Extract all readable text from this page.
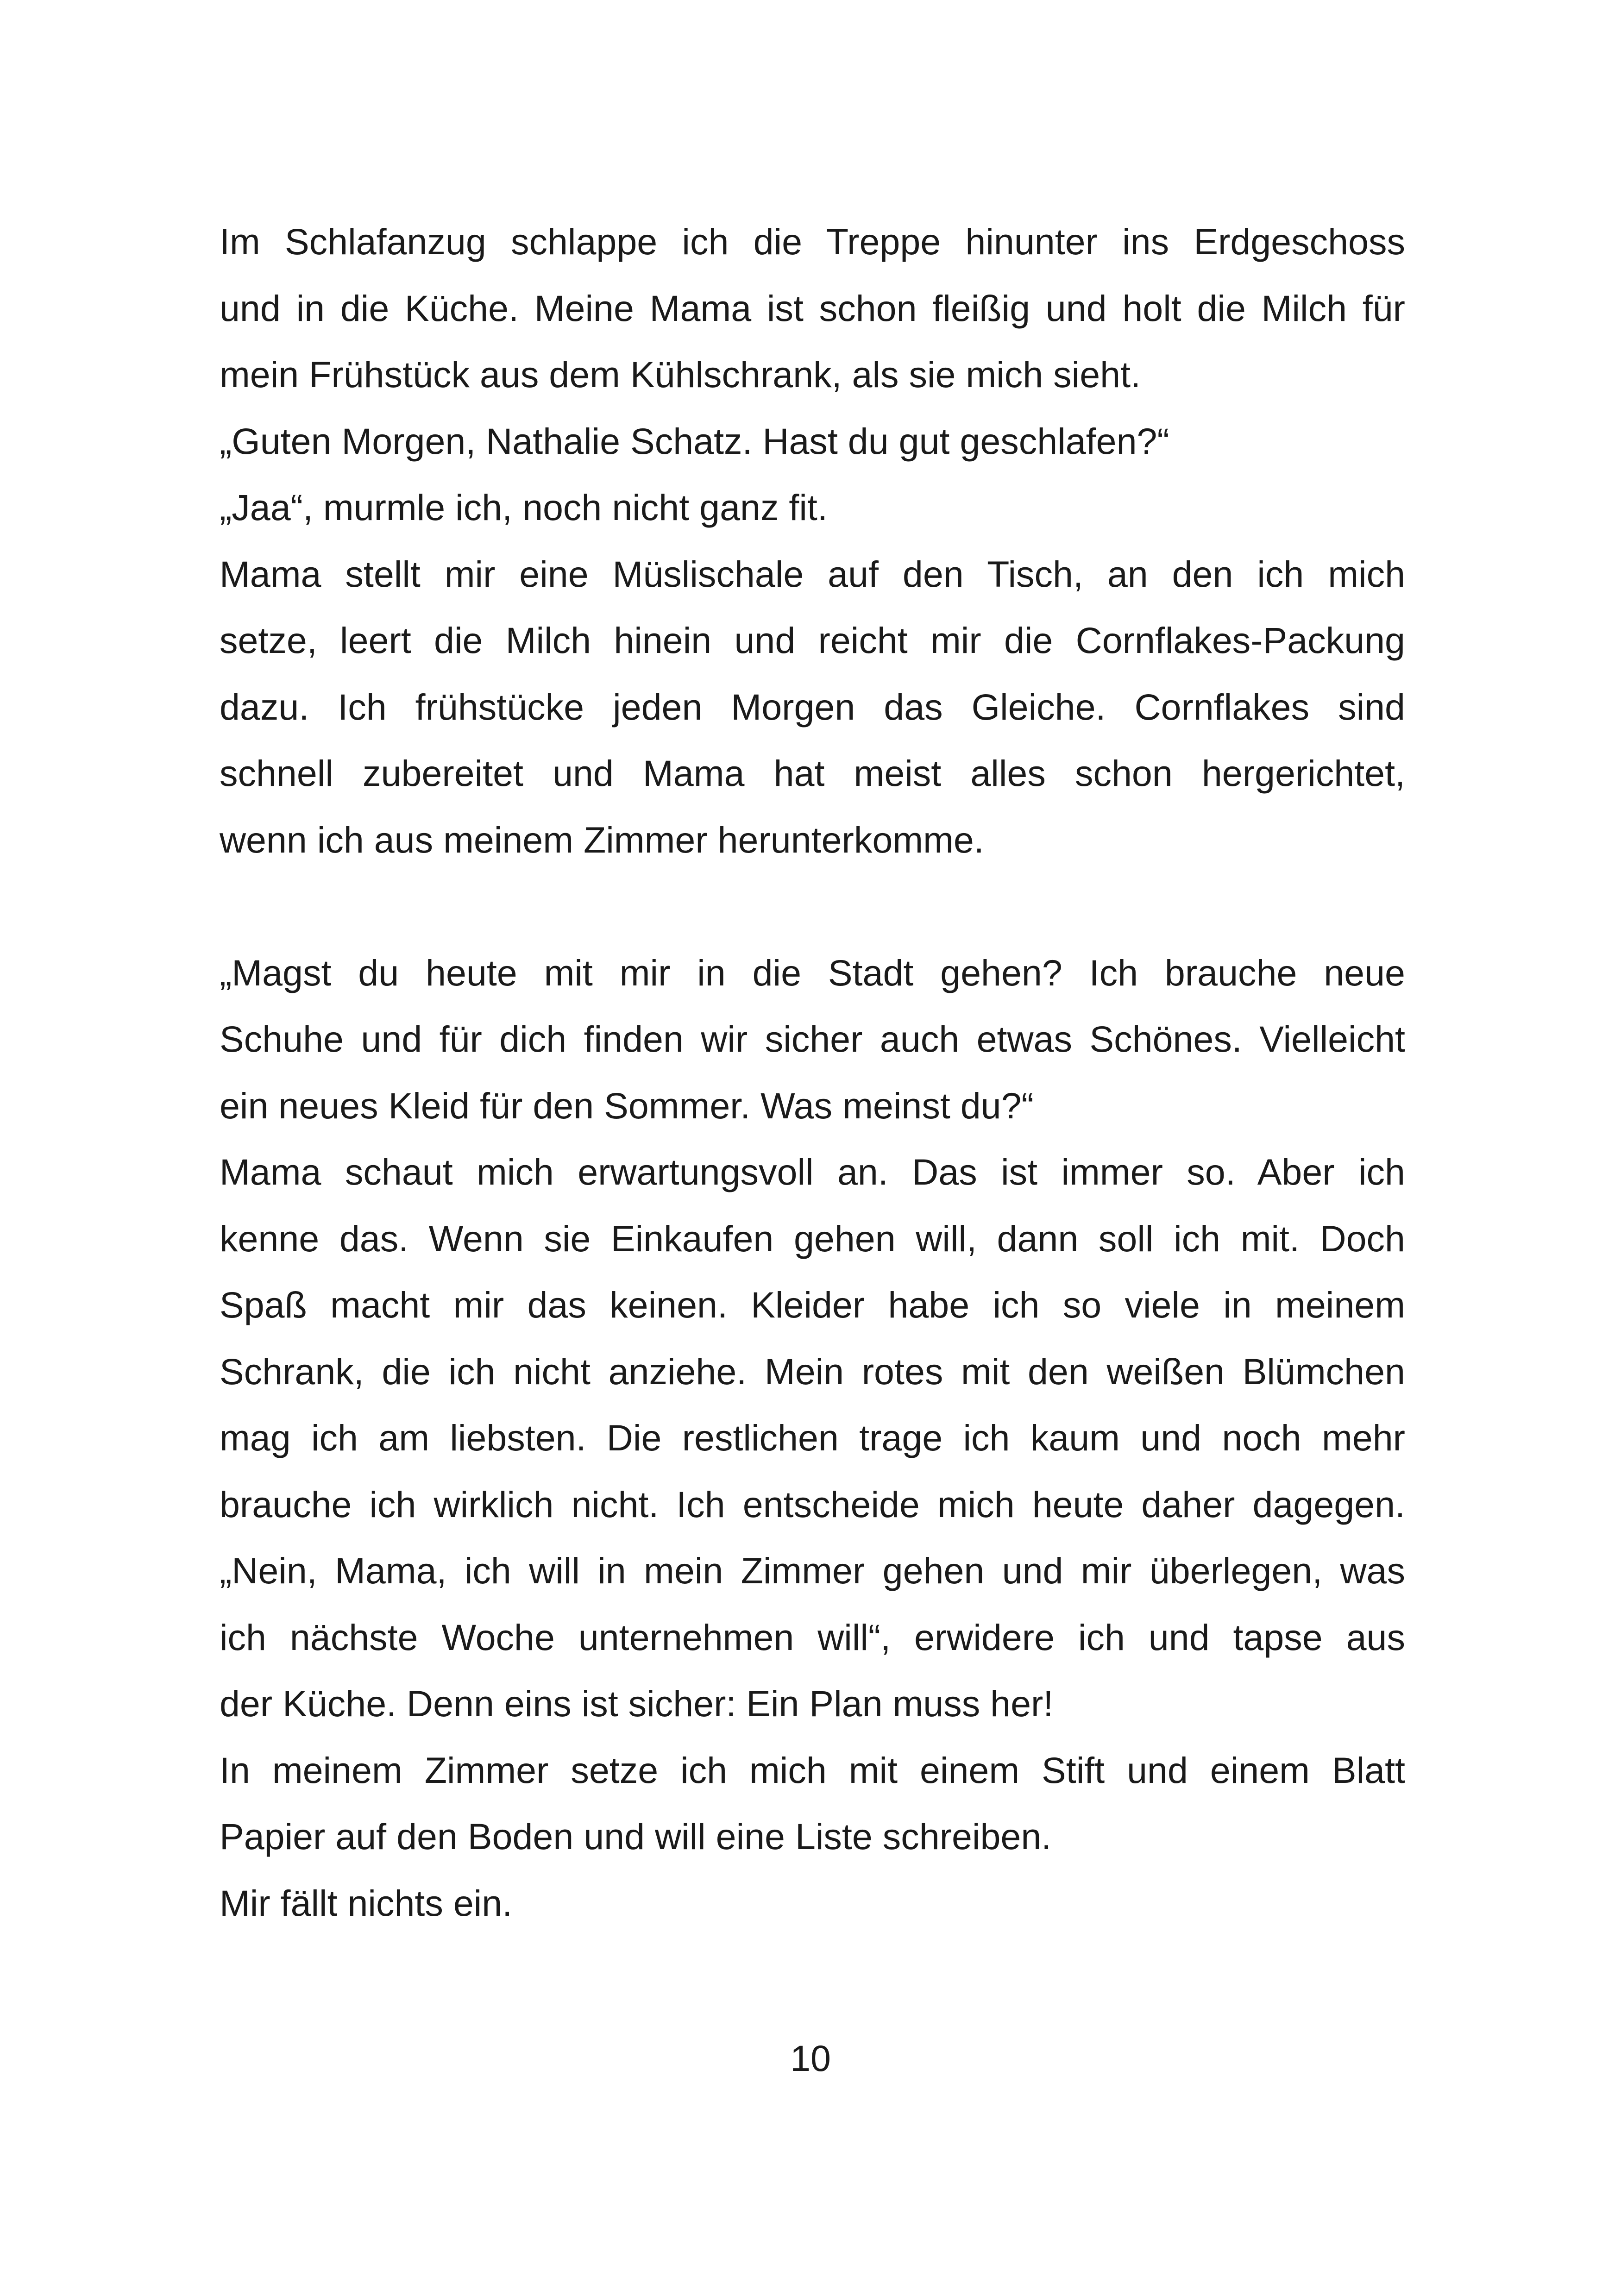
Im Schlafanzug schlappe ich die Treppe hinunter ins Erdgeschoss
und in die Küche. Meine Mama ist schon fleißig und holt die Milch für
mein Frühstück aus dem Kühlschrank, als sie mich sieht.
„Guten Morgen, Nathalie Schatz. Hast du gut geschlafen?“
„Jaa“, murmle ich, noch nicht ganz fit.
Mama stellt mir eine Müslischale auf den Tisch, an den ich mich
setze, leert die Milch hinein und reicht mir die Cornflakes-Packung
dazu. Ich frühstücke jeden Morgen das Gleiche. Cornflakes sind
schnell zubereitet und Mama hat meist alles schon hergerichtet,
wenn ich aus meinem Zimmer herunterkomme.
„Magst du heute mit mir in die Stadt gehen? Ich brauche neue
Schuhe und für dich finden wir sicher auch etwas Schönes. Vielleicht
ein neues Kleid für den Sommer. Was meinst du?“
Mama schaut mich erwartungsvoll an. Das ist immer so. Aber ich
kenne das. Wenn sie Einkaufen gehen will, dann soll ich mit. Doch
Spaß macht mir das keinen. Kleider habe ich so viele in meinem
Schrank, die ich nicht anziehe. Mein rotes mit den weißen Blümchen
mag ich am liebsten. Die restlichen trage ich kaum und noch mehr
brauche ich wirklich nicht. Ich entscheide mich heute daher dagegen.
„Nein, Mama, ich will in mein Zimmer gehen und mir überlegen, was
ich nächste Woche unternehmen will“, erwidere ich und tapse aus
der Küche. Denn eins ist sicher: Ein Plan muss her!
In meinem Zimmer setze ich mich mit einem Stift und einem Blatt
Papier auf den Boden und will eine Liste schreiben.
Mir fällt nichts ein.
10
